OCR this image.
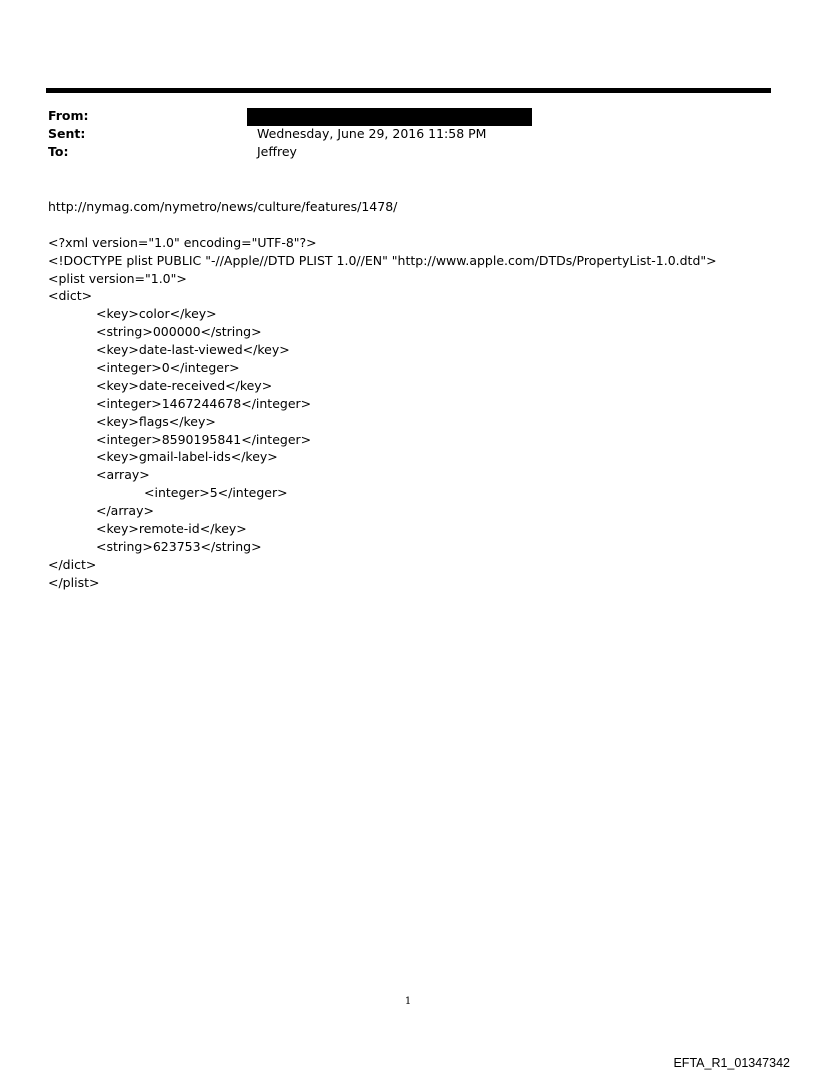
From:
Sent:	Wednesday, June 29, 2016 11:58 PM
To:	Jeffrey
http://nymag.com/nymetro/news/culture/features/1478/
<?xml version="1.0" encoding="UTF-8"?>
<!DOCTYPE plist PUBLIC "-//Apple//DTD PLIST 1.0//EN" "http://www.apple.com/DTDs/PropertyList-1.0.dtd">
<plist version="1.0">
<dict>
<key>color</key>
<string>000000</string>
<key>date-last-viewed</key>
<integer>0</integer>
<key>date-received</key>
<integer>1467244678</integer>
<key>flags</key>
<integer>8590195841</integer>
<key>gmail-label-ids</key>
<array>
<integer>5</integer>
</array>
<key>remote-id</key>
<string>623753</string>
</dict>
</plist>
1
EFTA_R1_01347342
